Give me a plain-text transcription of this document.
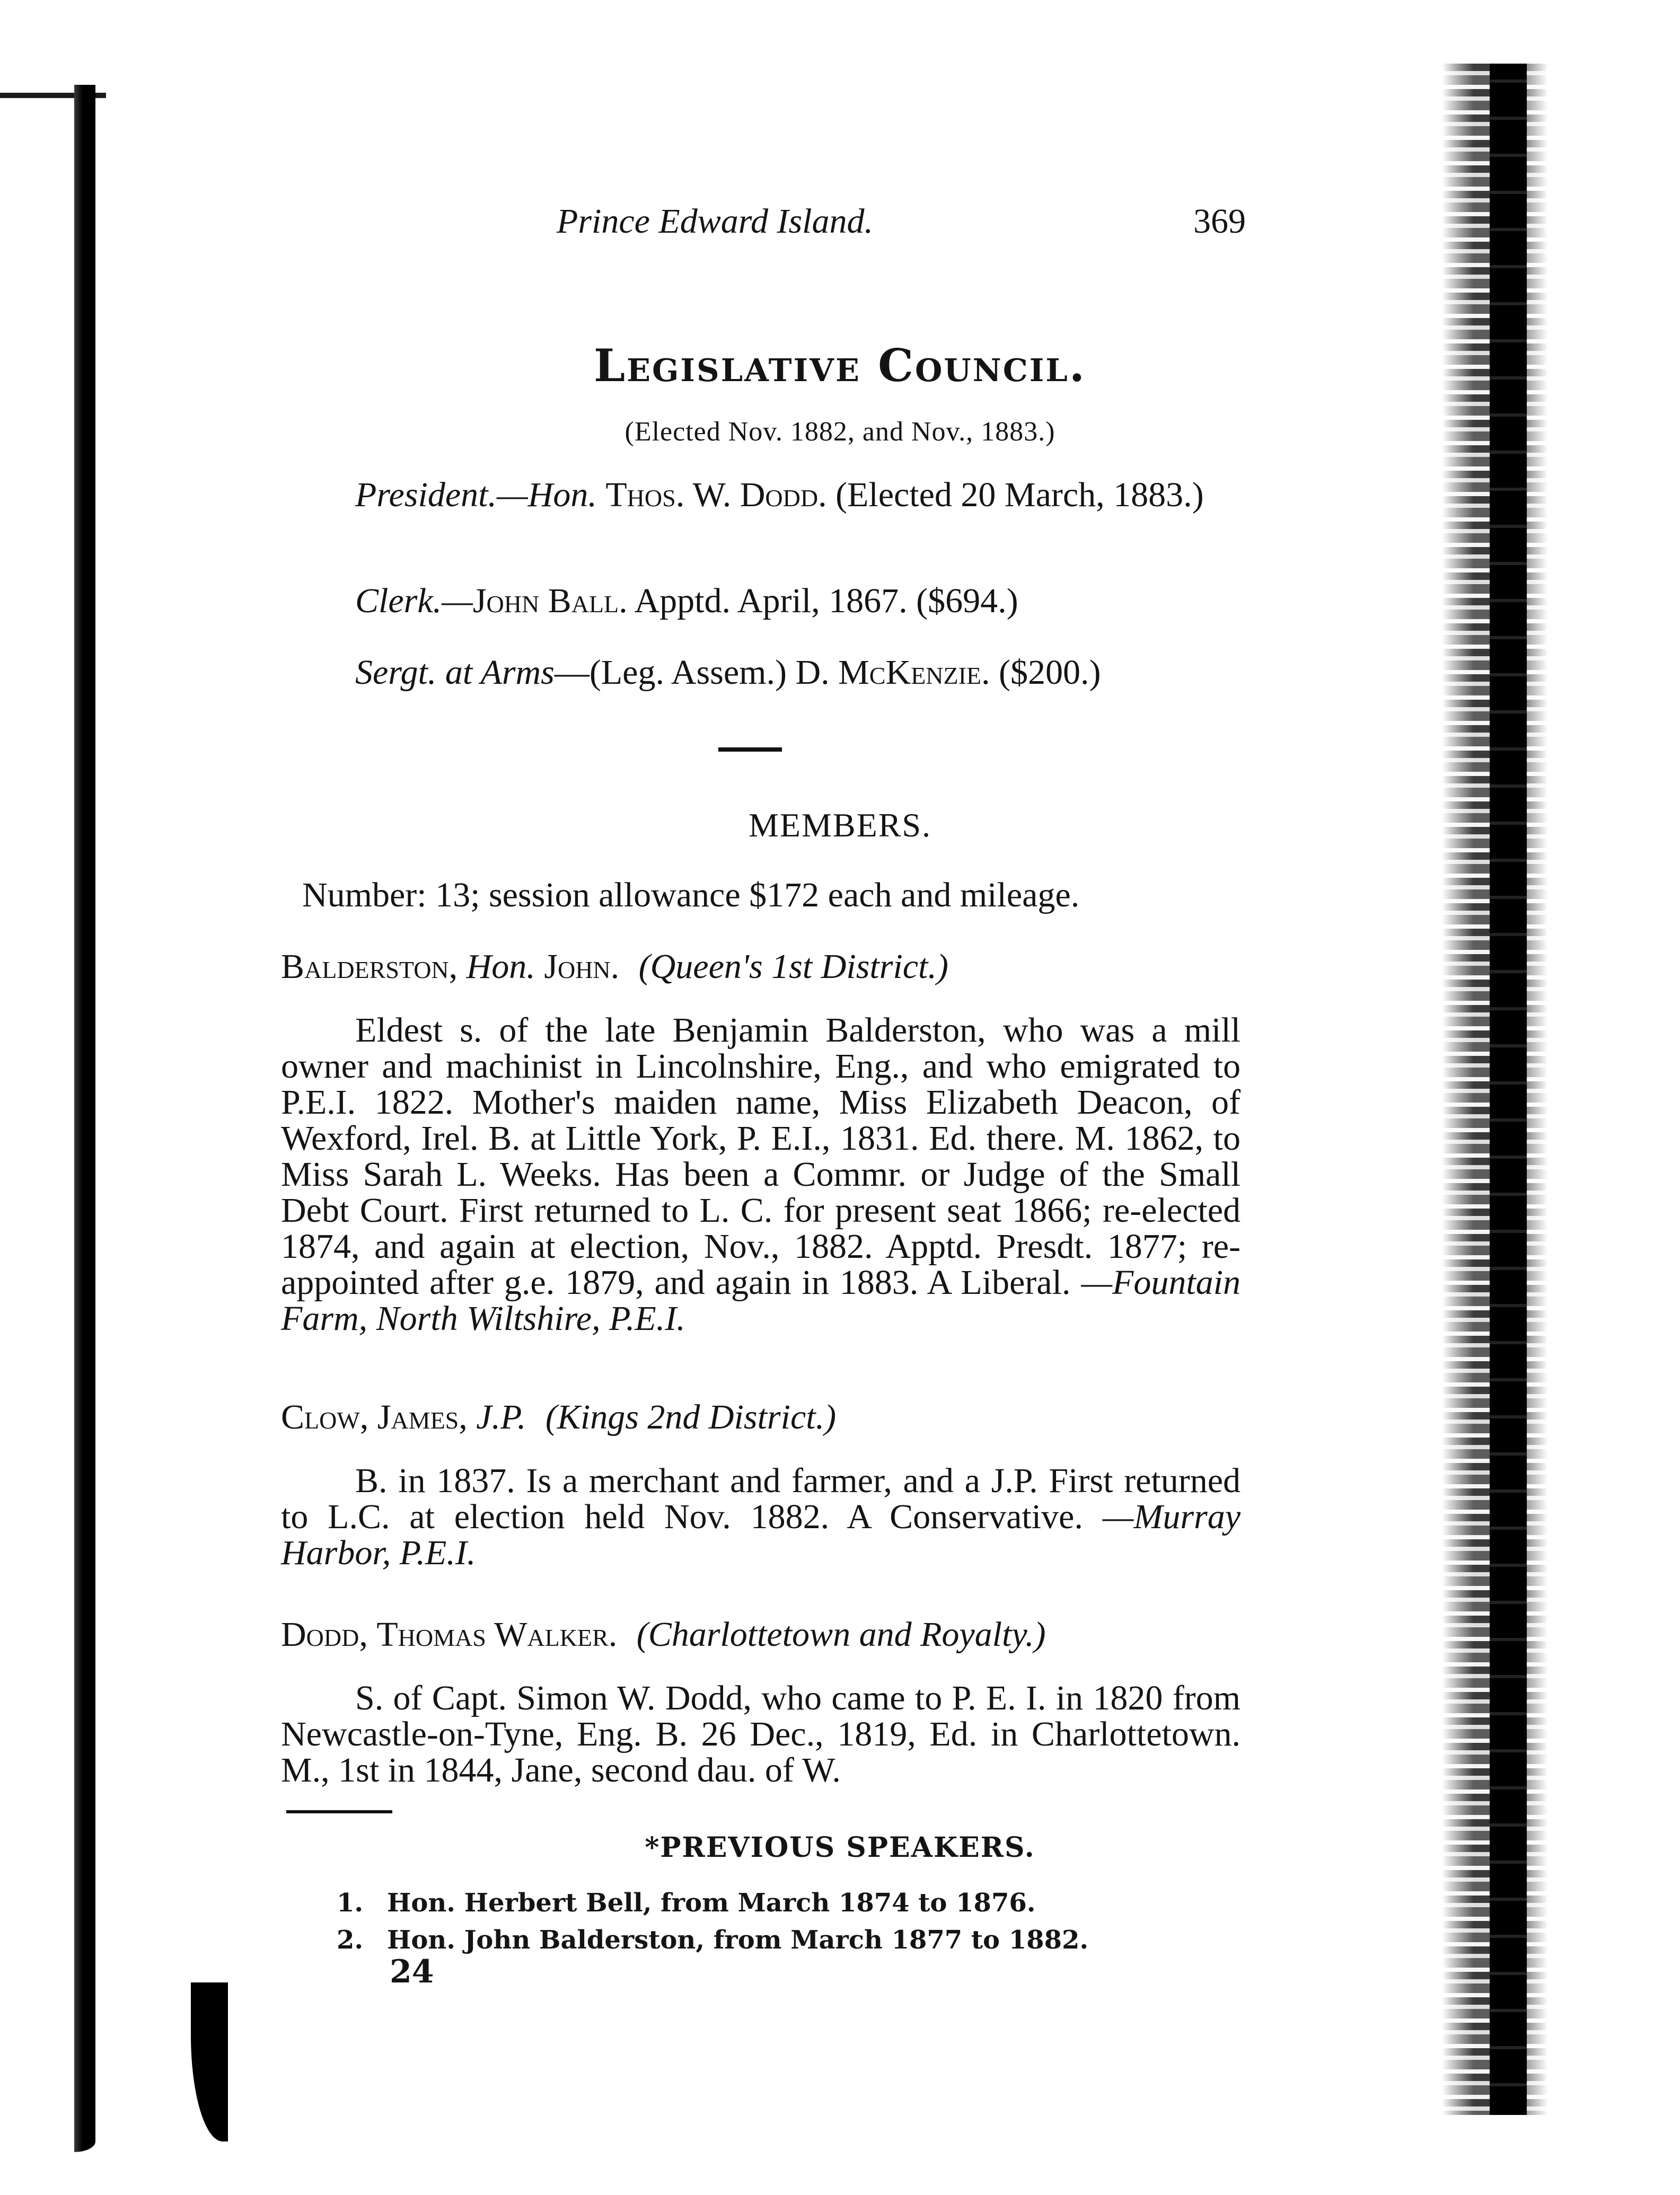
Prince Edward Island.	369
Legislative Council.
(Elected Nov. 1882, and Nov., 1883.)

President.—Hon. Thos. W. Dodd. (Elected 20 March, 1883.)

Clerk.—John Ball. Apptd. April, 1867. ($694.)

Sergt. at Arms—(Leg. Assem.) D. McKenzie. ($200.)

MEMBERS.

Number: 13; session allowance $172 each and mileage.

Balderston, Hon. John. (Queen's 1st District.)

Eldest s. of the late Benjamin Balderston, who was a mill owner and machinist in Lincolnshire, Eng., and who emigrated to P.E.I. 1822. Mother's maiden name, Miss Elizabeth Deacon, of Wexford, Irel. B. at Little York, P. E.I., 1831. Ed. there. M. 1862, to Miss Sarah L. Weeks. Has been a Commr. or Judge of the Small Debt Court. First returned to L. C. for present seat 1866; re-elected 1874, and again at election, Nov., 1882. Apptd. Presdt. 1877; re-appointed after g.e. 1879, and again in 1883. A Liberal. —Fountain Farm, North Wiltshire, P.E.I.

Clow, James, J.P. (Kings 2nd District.)

B. in 1837. Is a merchant and farmer, and a J.P. First returned to L.C. at election held Nov. 1882. A Conservative. —Murray Harbor, P.E.I.

Dodd, Thomas Walker. (Charlottetown and Royalty.)

S. of Capt. Simon W. Dodd, who came to P. E. I. in 1820 from Newcastle-on-Tyne, Eng. B. 26 Dec., 1819, Ed. in Charlottetown. M., 1st in 1844, Jane, second dau. of W.

*PREVIOUS SPEAKERS.
1. Hon. Herbert Bell, from March 1874 to 1876.
2. Hon. John Balderston, from March 1877 to 1882.
24
